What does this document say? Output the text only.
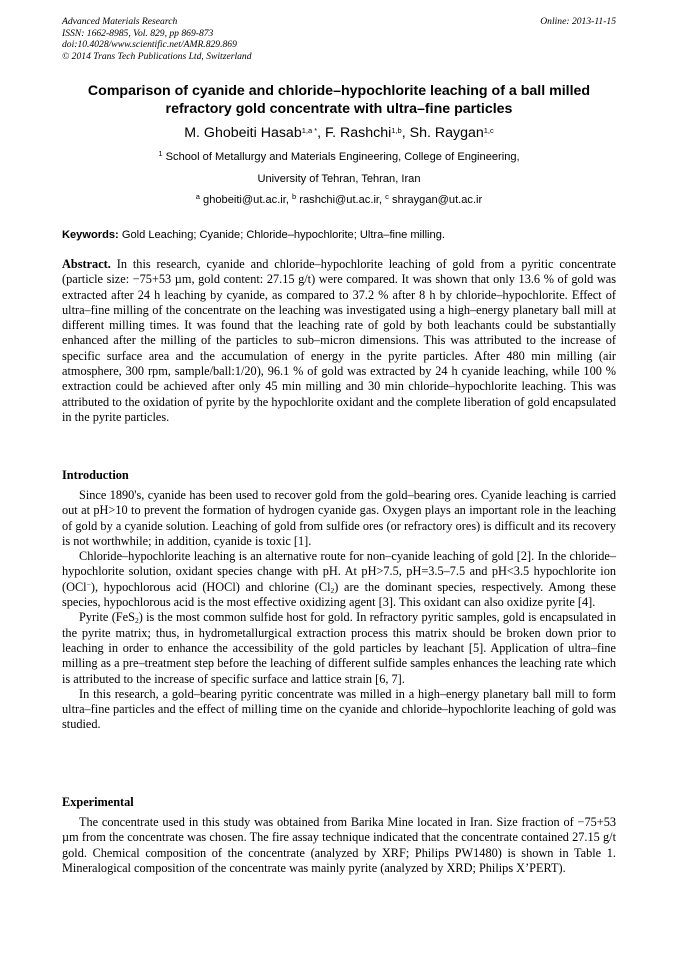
Advanced Materials Research
ISSN: 1662-8985, Vol. 829, pp 869-873
doi:10.4028/www.scientific.net/AMR.829.869
© 2014 Trans Tech Publications Ltd, Switzerland
Online: 2013-11-15
Comparison of cyanide and chloride–hypochlorite leaching of a ball milled refractory gold concentrate with ultra–fine particles
M. Ghobeiti Hasab$^{1,a *}$, F. Rashchi$^{1,b}$, Sh. Raygan$^{1,c}$
$^1$ School of Metallurgy and Materials Engineering, College of Engineering,
University of Tehran, Tehran, Iran
$^a$ ghobeiti@ut.ac.ir, $^b$ rashchi@ut.ac.ir, $^c$ shraygan@ut.ac.ir
Keywords: Gold Leaching; Cyanide; Chloride–hypochlorite; Ultra–fine milling.
Abstract. In this research, cyanide and chloride–hypochlorite leaching of gold from a pyritic concentrate (particle size: −75+53 µm, gold content: 27.15 g/t) were compared. It was shown that only 13.6 % of gold was extracted after 24 h leaching by cyanide, as compared to 37.2 % after 8 h by chloride–hypochlorite. Effect of ultra–fine milling of the concentrate on the leaching was investigated using a high–energy planetary ball mill at different milling times. It was found that the leaching rate of gold by both leachants could be substantially enhanced after the milling of the particles to sub–micron dimensions. This was attributed to the increase of specific surface area and the accumulation of energy in the pyrite particles. After 480 min milling (air atmosphere, 300 rpm, sample/ball:1/20), 96.1 % of gold was extracted by 24 h cyanide leaching, while 100 % extraction could be achieved after only 45 min milling and 30 min chloride–hypochlorite leaching. This was attributed to the oxidation of pyrite by the hypochlorite oxidant and the complete liberation of gold encapsulated in the pyrite particles.
Introduction

Since 1890's, cyanide has been used to recover gold from the gold–bearing ores. Cyanide leaching is carried out at pH>10 to prevent the formation of hydrogen cyanide gas. Oxygen plays an important role in the leaching of gold by a cyanide solution. Leaching of gold from sulfide ores (or refractory ores) is difficult and its recovery is not worthwhile; in addition, cyanide is toxic [1].

Chloride–hypochlorite leaching is an alternative route for non–cyanide leaching of gold [2]. In the chloride–hypochlorite solution, oxidant species change with pH. At pH>7.5, pH=3.5–7.5 and pH<3.5 hypochlorite ion (OCl−), hypochlorous acid (HOCl) and chlorine $(Cl_2)$ are the dominant species, respectively. Among these species, hypochlorous acid is the most effective oxidizing agent [3]. This oxidant can also oxidize pyrite [4].

Pyrite (FeS$_2$) is the most common sulfide host for gold. In refractory pyritic samples, gold is encapsulated in the pyrite matrix; thus, in hydrometallurgical extraction process this matrix should be broken down prior to leaching in order to enhance the accessibility of the gold particles by leachant [5]. Application of ultra–fine milling as a pre–treatment step before the leaching of different sulfide samples enhances the leaching rate which is attributed to the increase of specific surface and lattice strain [6, 7].

In this research, a gold–bearing pyritic concentrate was milled in a high–energy planetary ball mill to form ultra–fine particles and the effect of milling time on the cyanide and chloride–hypochlorite leaching of gold was studied.

Experimental

The concentrate used in this study was obtained from Barika Mine located in Iran. Size fraction of −75+53 µm from the concentrate was chosen. The fire assay technique indicated that the concentrate contained 27.15 g/t gold. Chemical composition of the concentrate (analyzed by XRF; Philips PW1480) is shown in Table 1. Mineralogical composition of the concentrate was mainly pyrite (analyzed by XRD; Philips X’PERT).
